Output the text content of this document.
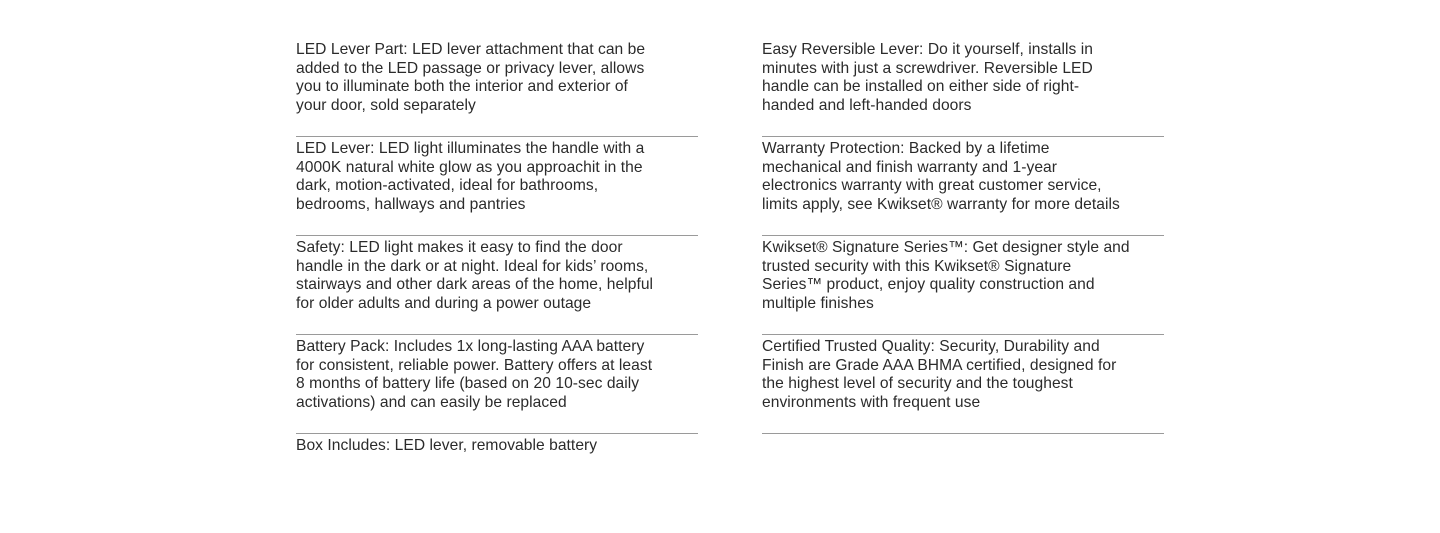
LED Lever Part: LED lever attachment that can be
added to the LED passage or privacy lever, allows
you to illuminate both the interior and exterior of
your door, sold separately

LED Lever: LED light illuminates the handle with a
4000K natural white glow as you approachit in the
dark, motion-activated, ideal for bathrooms,
bedrooms, hallways and pantries

Safety: LED light makes it easy to find the door
handle in the dark or at night. Ideal for kids’ rooms,
stairways and other dark areas of the home, helpful
for older adults and during a power outage

Battery Pack: Includes 1x long-lasting AAA battery
for consistent, reliable power. Battery offers at least
8 months of battery life (based on 20 10-sec daily
activations) and can easily be replaced

Box Includes: LED lever, removable battery

Easy Reversible Lever: Do it yourself, installs in
minutes with just a screwdriver. Reversible LED
handle can be installed on either side of right-
handed and left-handed doors

Warranty Protection: Backed by a lifetime
mechanical and finish warranty and 1-year
electronics warranty with great customer service,
limits apply, see Kwikset® warranty for more details

Kwikset® Signature Series™: Get designer style and
trusted security with this Kwikset® Signature
Series™ product, enjoy quality construction and
multiple finishes

Certified Trusted Quality: Security, Durability and
Finish are Grade AAA BHMA certified, designed for
the highest level of security and the toughest
environments with frequent use
